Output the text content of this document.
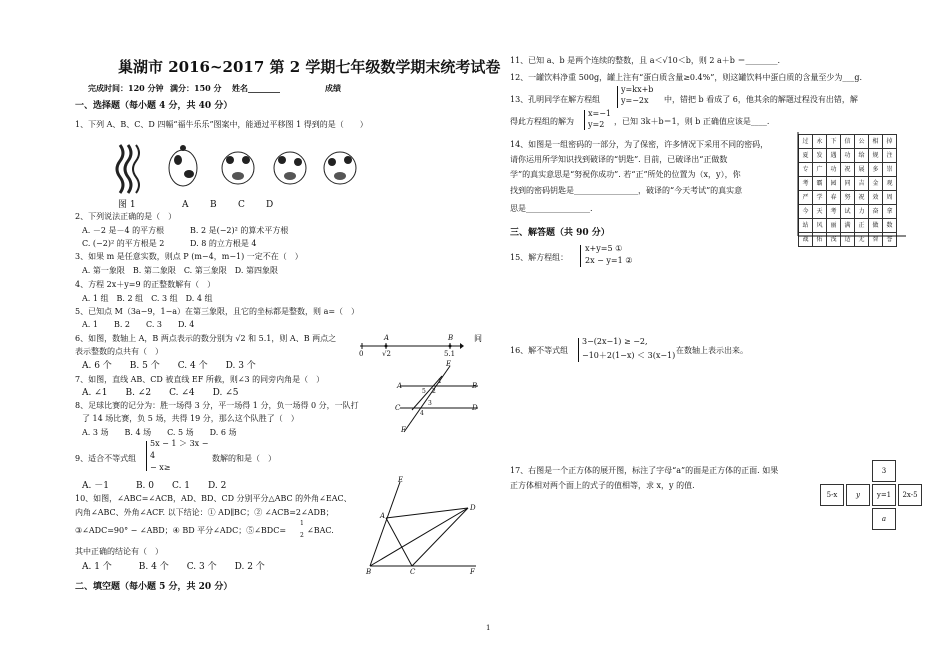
巢湖市 2016~2017 第 2 学期七年级数学期末统考试卷
完成时间：120 分钟 满分：150 分 姓名________	成绩
一、选择题（每小题 4 分，共 40 分）
1、下列 A、B、C、D 四幅“福牛乐乐”图案中，能通过平移图 1 得到的是（　　）
图 1	A B C D
2、下列说法正确的是（　）
A. －2 是－4 的平方根	B. 2 是(−2)² 的算术平方根
C. (−2)² 的平方根是 2	D. 8 的立方根是 4
3、如果 m 是任意实数，则点 P (m−4，m−1) 一定不在（　）
A. 第一象限　B. 第二象限　C. 第三象限　D. 第四象限
4、方程 2x＋y=9 的正整数解有（　）
A. 1 组　B. 2 组　C. 3 组　D. 4 组
5、已知点 M（3a−9，1−a）在第三象限，且它的坐标都是整数，则 a=（　）
A. 1　　B. 2　　C. 3　　D. 4
6、如图，数轴上 A，B 两点表示的数分别为 √2 和 5.1，则 A、B 两点之	间
A	B
0	√2	5.1
表示整数的点共有（　）
A. 6 个　　B. 5 个　　C. 4 个　　D. 3 个
7、如图，直线 AB、CD 被直线 EF 所截，则∠3 的同旁内角是（　）
A. ∠1　　B. ∠2　　C. ∠4　　D. ∠5
E
A	B
C	D
F
1
2
3
4
5
8、足球比赛的记分为：胜一场得 3 分，平一场得 1 分，负一场得 0 分，一队打
了 14 场比赛，负 5 场，共得 19 分，那么这个队胜了（　）
A. 3 场　　B. 4 场　　C. 5 场　　D. 6 场
9、适合不等式组
5x − 1 ＞ 3x −
4
− x≥
数解的和是（　）
A. －1　　　B. 0　　C. 1　　D. 2
10、如图，∠ABC=∠ACB，AD、BD、CD 分别平分△ABC 的外角∠EAC、
内角∠ABC、外角∠ACF. 以下结论：① AD∥BC；② ∠ACB=2∠ADB；
③∠ADC=90° − ∠ABD；④ BD 平分∠ADC；⑤∠BDC=
1
2
∠BAC.
其中正确的结论有（　）
A. 1 个　　　B. 4 个　　C. 3 个　　D. 2 个
E
A
D
B	C	F
二、填空题（每小题 5 分，共 20 分）
11、已知 a、b 是两个连续的整数，且 a＜√10＜b，则 2 a＋b ＝________.
12、一罐饮料净重 500g，罐上注有“蛋白质含量≥0.4%”，则这罐饮料中蛋白质的含量至少为___g.
13、孔明同学在解方程组
y=kx+b
y=−2x 中，错把 b 看成了 6，他其余的解题过程没有出错，解
得此方程组的解为
x=−1
y=2 ，已知 3k＋b＝1，则 b 正确值应该是____.
14、如图是一组密码的一部分，为了保密，许多情况下采用不同的密码，
请你运用所学知识找到破译的“钥匙”. 目前，已破译出“正做数
学”的真实意思是“努祝你成功”. 若“正”所处的位置为（x，y），你
找到的密码钥匙是________________，破译的“今天考试”的真实意
思是________________.
过	永	下	信	公	相	掉
夏	发	遇	功	给	规	注
专	广	功	祝	展	多	崇
考	霸	园	同	吉	金	观
严	学	春	努	祝	效	周
今	天	考	试	力	奋	拿
站	风	丽	满	正	做	数
战	佑	浅	适	无	智	誉
三、解答题（共 90 分）
15、解方程组：
x+y=5 ①
2x − y=1 ②
16、解不等式组
3−(2x−1) ≥ −2,
−10＋2(1−x) ＜ 3(x−1)
在数轴上表示出来。
17、右图是一个正方体的展开图，标注了字母“a”的面是正方体的正面. 如果
正方体相对两个面上的式子的值相等，求 x，y 的值.
		3	
5-x	y	y=1	2x-5
		a	
1
